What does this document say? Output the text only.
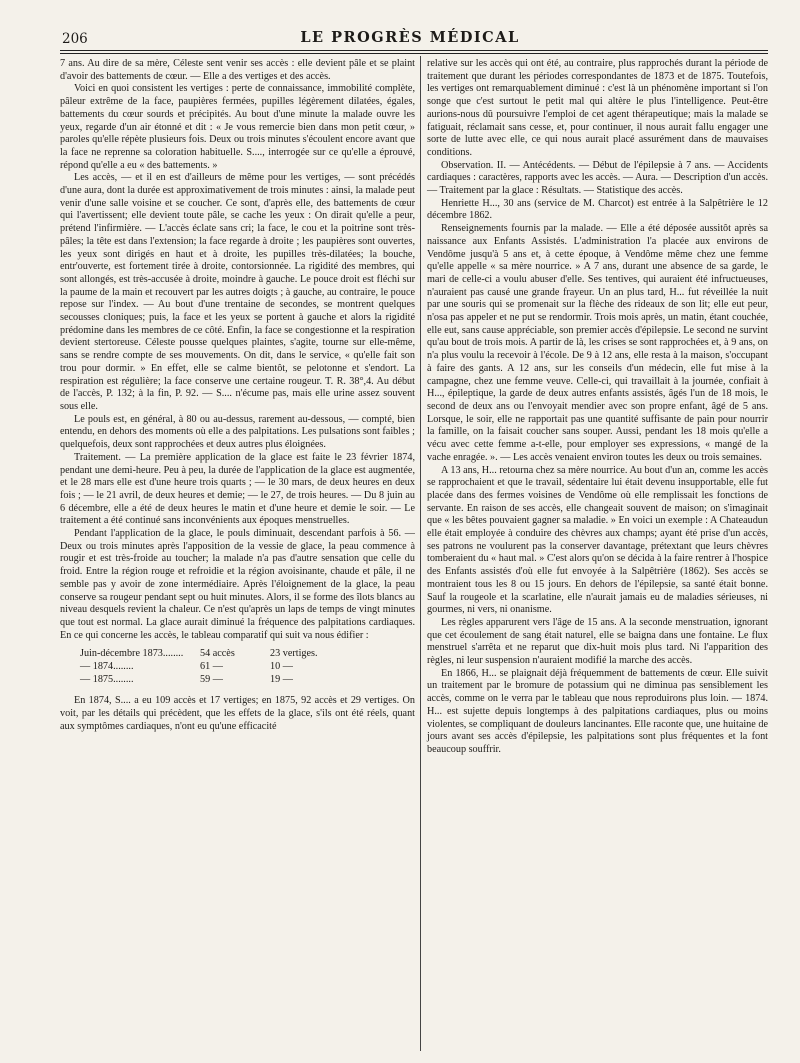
206	LE PROGRÈS MÉDICAL

7 ans. Au dire de sa mère, Céleste sent venir ses accès : elle devient pâle et se plaint d'avoir des battements de cœur. — Elle a des vertiges et des accès.

Voici en quoi consistent les vertiges : perte de connaissance, immobilité complète, pâleur extrême de la face, paupières fermées, pupilles légèrement dilatées, égales, battements du cœur sourds et précipités. Au bout d'une minute la malade ouvre les yeux, regarde d'un air étonné et dit : « Je vous remercie bien dans mon petit cœur, » paroles qu'elle répète plusieurs fois. Deux ou trois minutes s'écoulent encore avant que la face ne reprenne sa coloration habituelle. S...., interrogée sur ce qu'elle a éprouvé, répond qu'elle a eu « des battements. »

Les accès, — et il en est d'ailleurs de même pour les vertiges, — sont précédés d'une aura, dont la durée est approximativement de trois minutes : ainsi, la malade peut venir d'une salle voisine et se coucher. Ce sont, d'après elle, des battements de cœur qui l'avertissent; elle devient toute pâle, se cache les yeux : On dirait qu'elle a peur, prétend l'infirmière. — L'accès éclate sans cri; la face, le cou et la poitrine sont très-pâles; la tête est dans l'extension; la face regarde à droite ; les paupières sont ouvertes, les yeux sont dirigés en haut et à droite, les pupilles très-dilatées; la bouche, entr'ouverte, est fortement tirée à droite, contorsionnée. La rigidité des membres, qui sont allongés, est très-accusée à droite, moindre à gauche. Le pouce droit est fléchi sur la paume de la main et recouvert par les autres doigts ; à gauche, au contraire, le pouce repose sur l'index. — Au bout d'une trentaine de secondes, se montrent quelques secousses cloniques; puis, la face et les yeux se portent à gauche et alors la rigidité prédomine dans les membres de ce côté. Enfin, la face se congestionne et la respiration devient stertoreuse. Céleste pousse quelques plaintes, s'agite, tourne sur elle-même, sans se rendre compte de ses mouvements. On dit, dans le service, « qu'elle fait son trou pour dormir. » En effet, elle se calme bientôt, se pelotonne et s'endort. La respiration est régulière; la face conserve une certaine rougeur. T. R. 38°,4. Au début de l'accès, P. 132; à la fin, P. 92. — S.... n'écume pas, mais elle urine assez souvent sous elle.

Le pouls est, en général, à 80 ou au-dessus, rarement au-dessous, — compté, bien entendu, en dehors des moments où elle a des palpitations. Les pulsations sont faibles ; quelquefois, deux sont rapprochées et deux autres plus éloignées.

Traitement. — La première application de la glace est faite le 23 février 1874, pendant une demi-heure. Peu à peu, la durée de l'application de la glace est augmentée, et le 28 mars elle est d'une heure trois quarts ; — le 30 mars, de deux heures en deux fois ; — le 21 avril, de deux heures et demie; — le 27, de trois heures. — Du 8 juin au 6 décembre, elle a été de deux heures le matin et d'une heure et demie le soir. — Le traitement a été continué sans inconvénients aux époques menstruelles.

Pendant l'application de la glace, le pouls diminuait, descendant parfois à 56. — Deux ou trois minutes après l'apposition de la vessie de glace, la peau commence à rougir et est très-froide au toucher; la malade n'a pas d'autre sensation que celle du froid. Entre la région rouge et refroidie et la région avoisinante, chaude et pâle, il ne semble pas y avoir de zone intermédiaire. Après l'éloignement de la glace, la peau conserve sa rougeur pendant sept ou huit minutes. Alors, il se forme des îlots blancs au niveau desquels revient la chaleur. Ce n'est qu'après un laps de temps de vingt minutes que tout est normal. La glace aurait diminué la fréquence des palpitations cardiaques. En ce qui concerne les accès, le tableau comparatif qui suit va nous édifier :

Juin-décembre 1873........	54 accès	23 vertiges.
— 1874........	61 —	10 —
— 1875........	59 —	19 —

En 1874, S.... a eu 109 accès et 17 vertiges; en 1875, 92 accès et 29 vertiges. On voit, par les détails qui précèdent, que les effets de la glace, s'ils ont été réels, quant aux symptômes cardiaques, n'ont eu qu'une efficacité

relative sur les accès qui ont été, au contraire, plus rapprochés durant la période de traitement que durant les périodes correspondantes de 1873 et de 1875. Toutefois, les vertiges ont remarquablement diminué : c'est là un phénomène important si l'on songe que c'est surtout le petit mal qui altère le plus l'intelligence. Peut-être aurions-nous dû poursuivre l'emploi de cet agent thérapeutique; mais la malade se fatiguait, réclamait sans cesse, et, pour continuer, il nous aurait fallu engager une sorte de lutte avec elle, ce qui nous aurait placé assurément dans de mauvaises conditions.

Observation. II. — Antécédents. — Début de l'épilepsie à 7 ans. — Accidents cardiaques : caractères, rapports avec les accès. — Aura. — Description d'un accès. — Traitement par la glace : Résultats. — Statistique des accès.

Henriette H..., 30 ans (service de M. Charcot) est entrée à la Salpêtrière le 12 décembre 1862.

Renseignements fournis par la malade. — Elle a été déposée aussitôt après sa naissance aux Enfants Assistés. L'administration l'a placée aux environs de Vendôme jusqu'à 5 ans et, à cette époque, à Vendôme même chez une femme qu'elle appelle « sa mère nourrice. » A 7 ans, durant une absence de sa garde, le mari de celle-ci a voulu abuser d'elle. Ses tentives, qui auraient été infructueuses, n'auraient pas causé une grande frayeur. Un an plus tard, H... fut réveillée la nuit par une souris qui se promenait sur la flèche des rideaux de son lit; elle eut peur, n'osa pas appeler et ne put se rendormir. Trois mois après, un matin, étant couchée, elle eut, sans cause appréciable, son premier accès d'épilepsie. Le second ne survint qu'au bout de trois mois. A partir de là, les crises se sont rapprochées et, à 9 ans, on n'a plus voulu la recevoir à l'école. De 9 à 12 ans, elle resta à la maison, s'occupant à faire des gants. A 12 ans, sur les conseils d'un médecin, elle fut mise à la campagne, chez une femme veuve. Celle-ci, qui travaillait à la journée, confiait à H..., épileptique, la garde de deux autres enfants assistés, âgés l'un de 18 mois, le second de deux ans ou l'envoyait mendier avec son propre enfant, âgé de 5 ans. Lorsque, le soir, elle ne rapportait pas une quantité suffisante de pain pour nourrir la famille, on la faisait coucher sans souper. Aussi, pendant les 18 mois qu'elle a vécu avec cette femme a-t-elle, pour employer ses expressions, « mangé de la vache enragée. ». — Les accès venaient environ toutes les deux ou trois semaines.

A 13 ans, H... retourna chez sa mère nourrice. Au bout d'un an, comme les accès se rapprochaient et que le travail, sédentaire lui était devenu insupportable, elle fut placée dans des fermes voisines de Vendôme où elle remplissait les fonctions de servante. En raison de ses accès, elle changeait souvent de maison; on s'imaginait que « les bêtes pouvaient gagner sa maladie. » En voici un exemple : A Chateaudun elle était employée à conduire des chèvres aux champs; ayant été prise d'un accès, ses patrons ne voulurent pas la conserver davantage, prétextant que leurs chèvres tomberaient du « haut mal. » C'est alors qu'on se décida à la faire rentrer à l'hospice des Enfants assistés d'où elle fut envoyée à la Salpêtrière (1862). Ses accès se montraient tous les 8 ou 15 jours. En dehors de l'épilepsie, sa santé était bonne. Sauf la rougeole et la scarlatine, elle n'aurait jamais eu de maladies sérieuses, ni gourmes, ni vers, ni onanisme.

Les règles apparurent vers l'âge de 15 ans. A la seconde menstruation, ignorant que cet écoulement de sang était naturel, elle se baigna dans une fontaine. Le flux menstruel s'arrêta et ne reparut que dix-huit mois plus tard. Ni l'apparition des règles, ni leur suspension n'auraient modifié la marche des accès.

En 1866, H... se plaignait déjà fréquemment de battements de cœur. Elle suivit un traitement par le bromure de potassium qui ne diminua pas sensiblement les accès, comme on le verra par le tableau que nous reproduirons plus loin. — 1874. H... est sujette depuis longtemps à des palpitations cardiaques, plus ou moins violentes, se compliquant de douleurs lancinantes. Elle raconte que, une huitaine de jours avant ses accès d'épilepsie, les palpitations sont plus fréquentes et la font beaucoup souffrir.
